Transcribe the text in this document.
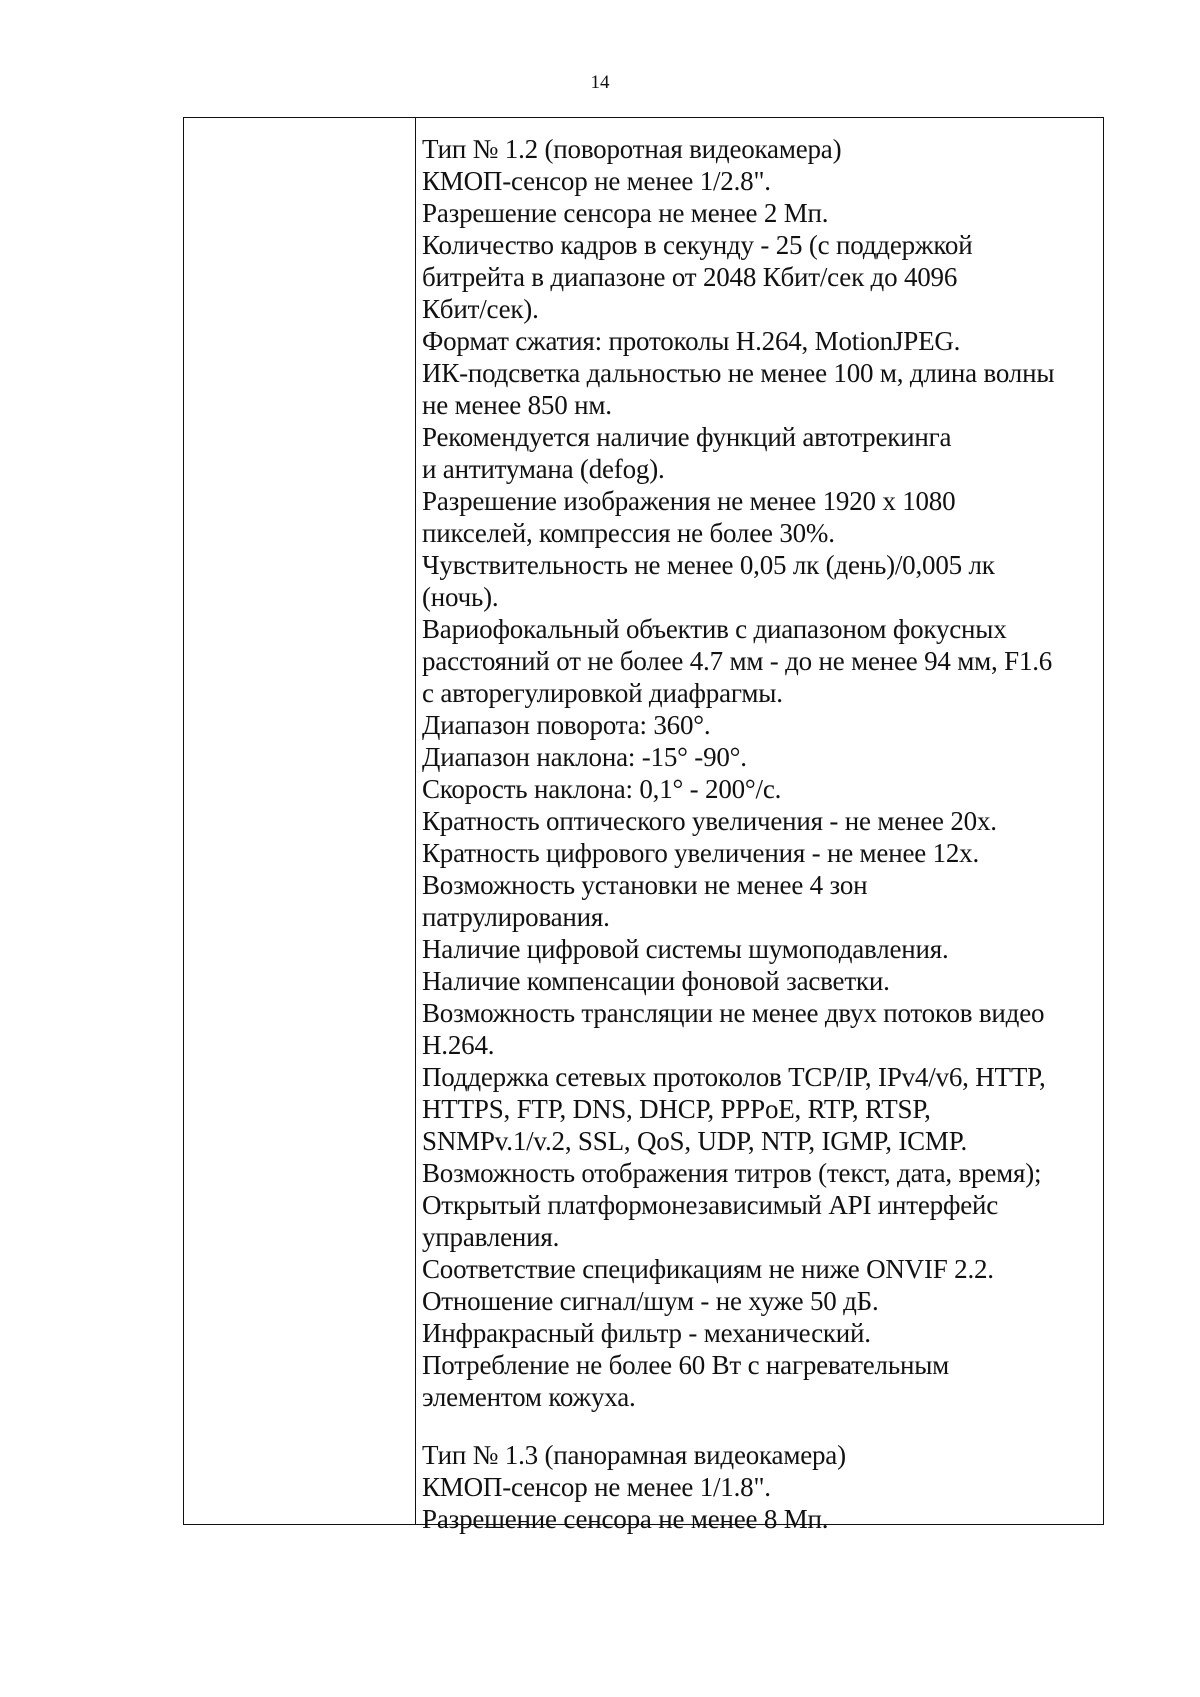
14
Тип № 1.2 (поворотная видеокамера)
КМОП-сенсор не менее 1/2.8".
Разрешение сенсора не менее 2 Мп.
Количество кадров в секунду - 25 (с поддержкой
битрейта в диапазоне от 2048 Кбит/сек до 4096
Кбит/сек).
Формат сжатия: протоколы H.264, MotionJPEG.
ИК-подсветка дальностью не менее 100 м, длина волны
не менее 850 нм.
Рекомендуется наличие функций автотрекинга
и антитумана (defog).
Разрешение изображения не менее 1920 x 1080
пикселей, компрессия не более 30%.
Чувствительность не менее 0,05 лк (день)/0,005 лк
(ночь).
Вариофокальный объектив с диапазоном фокусных
расстояний от не более 4.7 мм - до не менее 94 мм, F1.6
с авторегулировкой диафрагмы.
Диапазон поворота: 360°.
Диапазон наклона: -15° -90°.
Скорость наклона: 0,1° - 200°/с.
Кратность оптического увеличения - не менее 20х.
Кратность цифрового увеличения - не менее 12х.
Возможность установки не менее 4 зон
патрулирования.
Наличие цифровой системы шумоподавления.
Наличие компенсации фоновой засветки.
Возможность трансляции не менее двух потоков видео
H.264.
Поддержка сетевых протоколов TCP/IP, IPv4/v6, HTTP,
HTTPS, FTP, DNS, DHCP, PPPoE, RTP, RTSP,
SNMPv.1/v.2, SSL, QoS, UDP, NTP, IGMP, ICMP.
Возможность отображения титров (текст, дата, время);
Открытый платформонезависимый API интерфейс
управления.
Соответствие спецификациям не ниже ONVIF 2.2.
Отношение сигнал/шум - не хуже 50 дБ.
Инфракрасный фильтр - механический.
Потребление не более 60 Вт с нагревательным
элементом кожуха.
Тип № 1.3 (панорамная видеокамера)
КМОП-сенсор не менее 1/1.8".
Разрешение сенсора не менее 8 Мп.
